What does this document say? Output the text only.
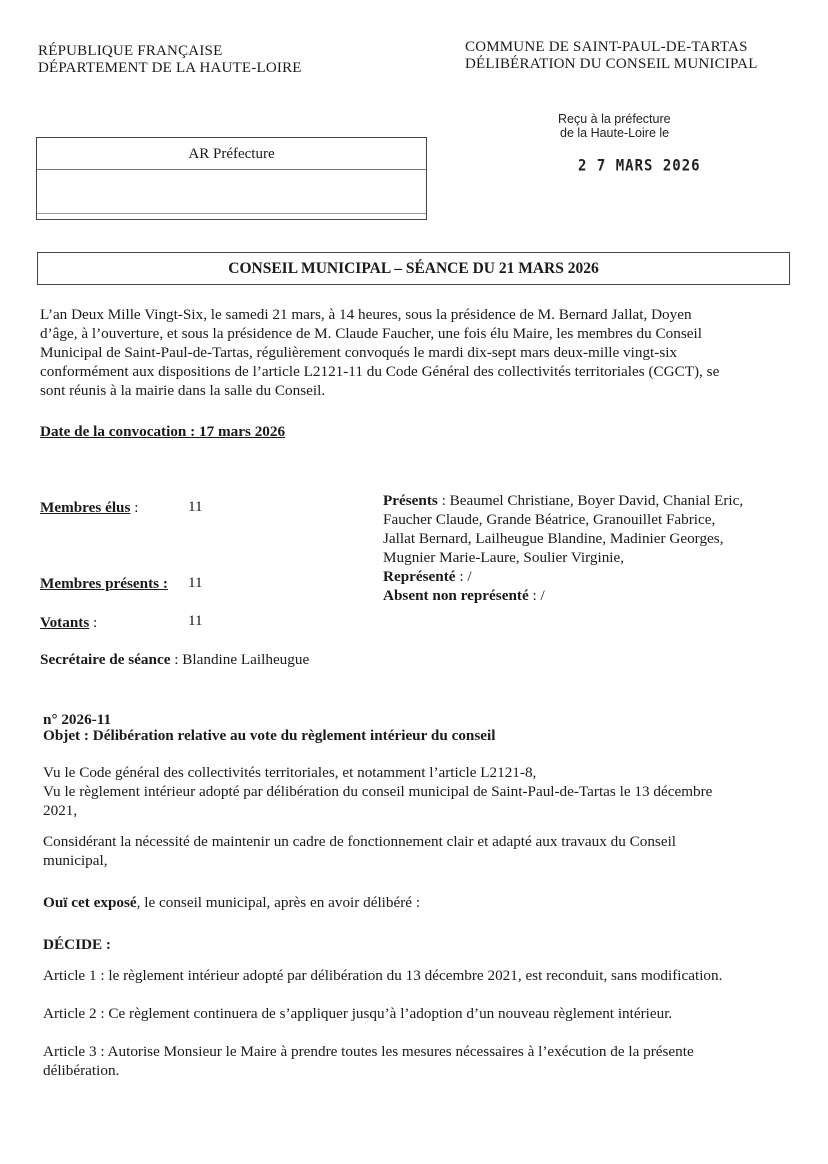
RÉPUBLIQUE FRANÇAISE
DÉPARTEMENT DE LA HAUTE-LOIRE
COMMUNE DE SAINT-PAUL-DE-TARTAS
DÉLIBÉRATION DU CONSEIL MUNICIPAL
Reçu à la préfecture
de la Haute-Loire le
2 7 MARS 2026
AR Préfecture
CONSEIL MUNICIPAL – SÉANCE DU 21 MARS 2026
L’an Deux Mille Vingt-Six, le samedi 21 mars, à 14 heures, sous la présidence de M. Bernard Jallat, Doyen
d’âge, à l’ouverture, et sous la présidence de M. Claude Faucher, une fois élu Maire, les membres du Conseil
Municipal de Saint-Paul-de-Tartas, régulièrement convoqués le mardi dix-sept mars deux-mille vingt-six
conformément aux dispositions de l’article L2121-11 du Code Général des collectivités territoriales (CGCT), se
sont réunis à la mairie dans la salle du Conseil.
Date de la convocation : 17 mars 2026
Membres élus :	11
Membres présents : 11
Votants :	11
Secrétaire de séance : Blandine Lailheugue
Présents : Beaumel Christiane, Boyer David, Chanial Eric,
Faucher Claude, Grande Béatrice, Granouillet Fabrice,
Jallat Bernard, Lailheugue Blandine, Madinier Georges,
Mugnier Marie-Laure, Soulier Virginie,
Représenté : /
Absent non représenté : /
n° 2026-11
Objet : Délibération relative au vote du règlement intérieur du conseil
Vu le Code général des collectivités territoriales, et notamment l’article L2121-8,
Vu le règlement intérieur adopté par délibération du conseil municipal de Saint-Paul-de-Tartas le 13 décembre
2021,
Considérant la nécessité de maintenir un cadre de fonctionnement clair et adapté aux travaux du Conseil
municipal,
Ouï cet exposé, le conseil municipal, après en avoir délibéré :
DÉCIDE :
Article 1 : le règlement intérieur adopté par délibération du 13 décembre 2021, est reconduit, sans modification.
Article 2 : Ce règlement continuera de s’appliquer jusqu’à l’adoption d’un nouveau règlement intérieur.
Article 3 : Autorise Monsieur le Maire à prendre toutes les mesures nécessaires à l’exécution de la présente
délibération.
